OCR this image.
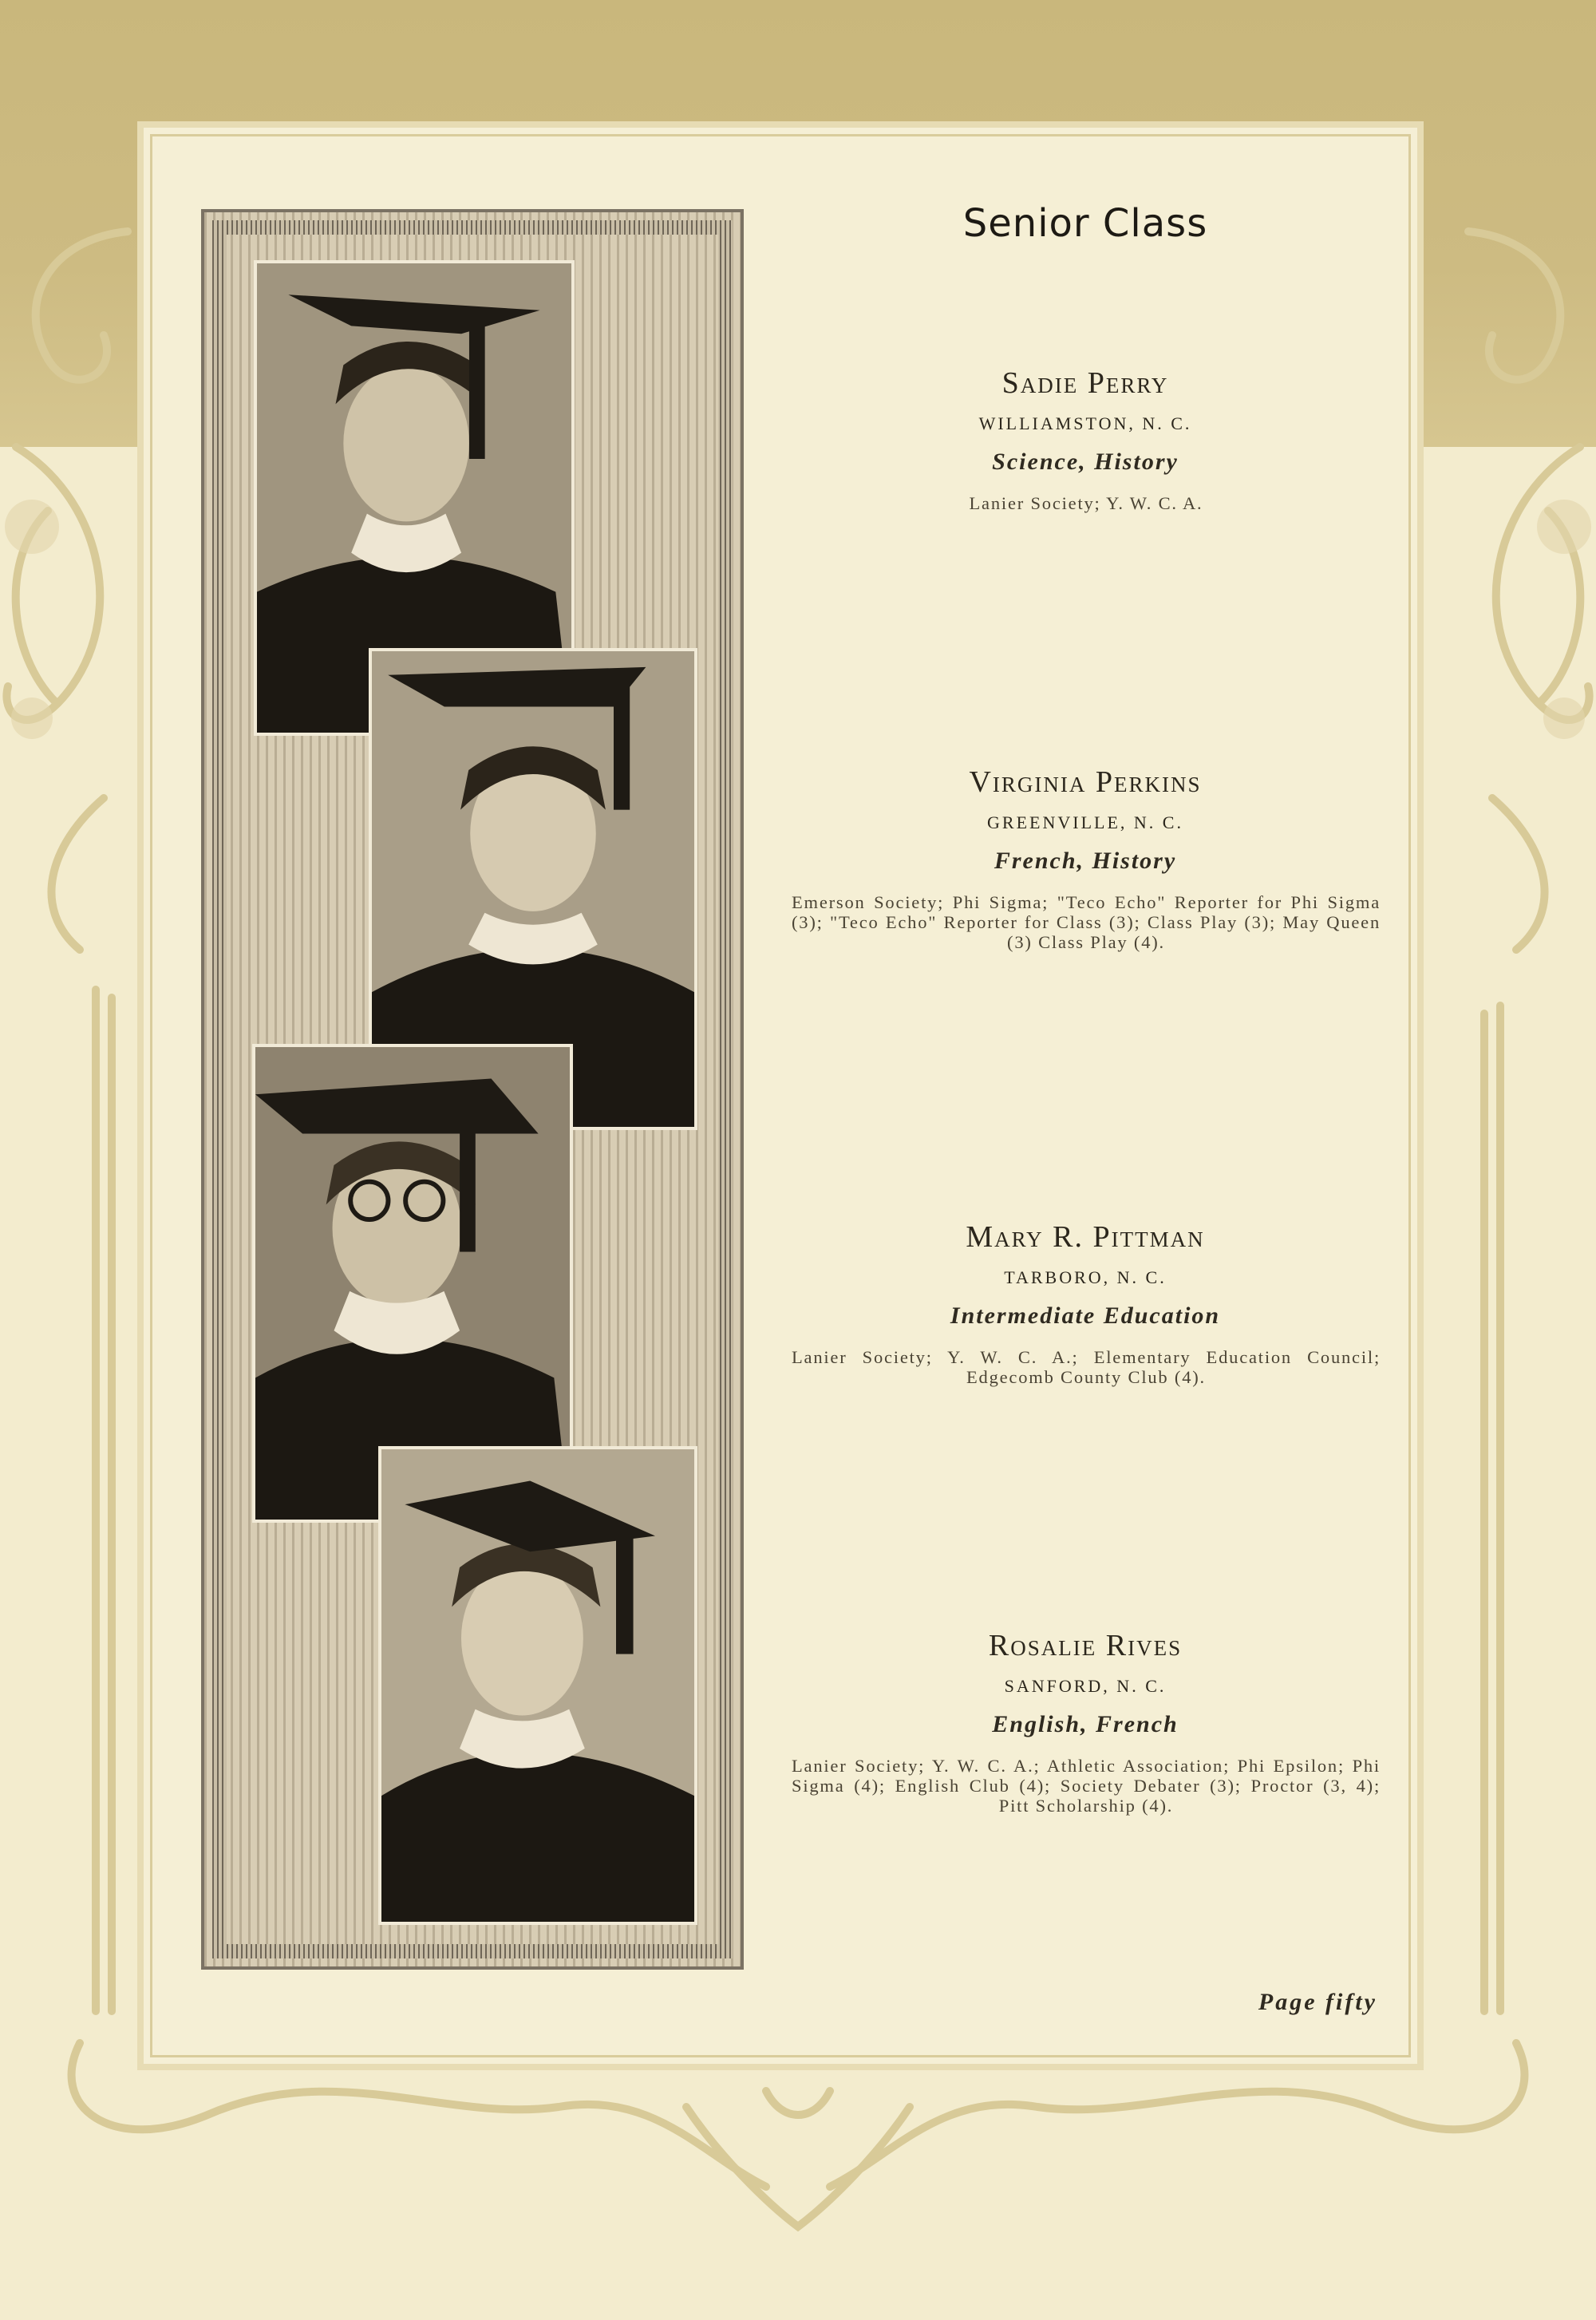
Senior Class
Sadie Perry
WILLIAMSTON, N. C.
Science, History
Lanier Society; Y. W. C. A.
Virginia Perkins
GREENVILLE, N. C.
French, History
Emerson Society; Phi Sigma; "Teco Echo" Reporter for Phi Sigma (3); "Teco Echo" Reporter for Class (3); Class Play (3); May Queen (3) Class Play (4).
Mary R. Pittman
TARBORO, N. C.
Intermediate Education
Lanier Society; Y. W. C. A.; Elementary Education Council; Edgecomb County Club (4).
Rosalie Rives
SANFORD, N. C.
English, French
Lanier Society; Y. W. C. A.; Athletic Association; Phi Epsilon; Phi Sigma (4); English Club (4); Society Debater (3); Proctor (3, 4); Pitt Scholarship (4).
Page fifty
